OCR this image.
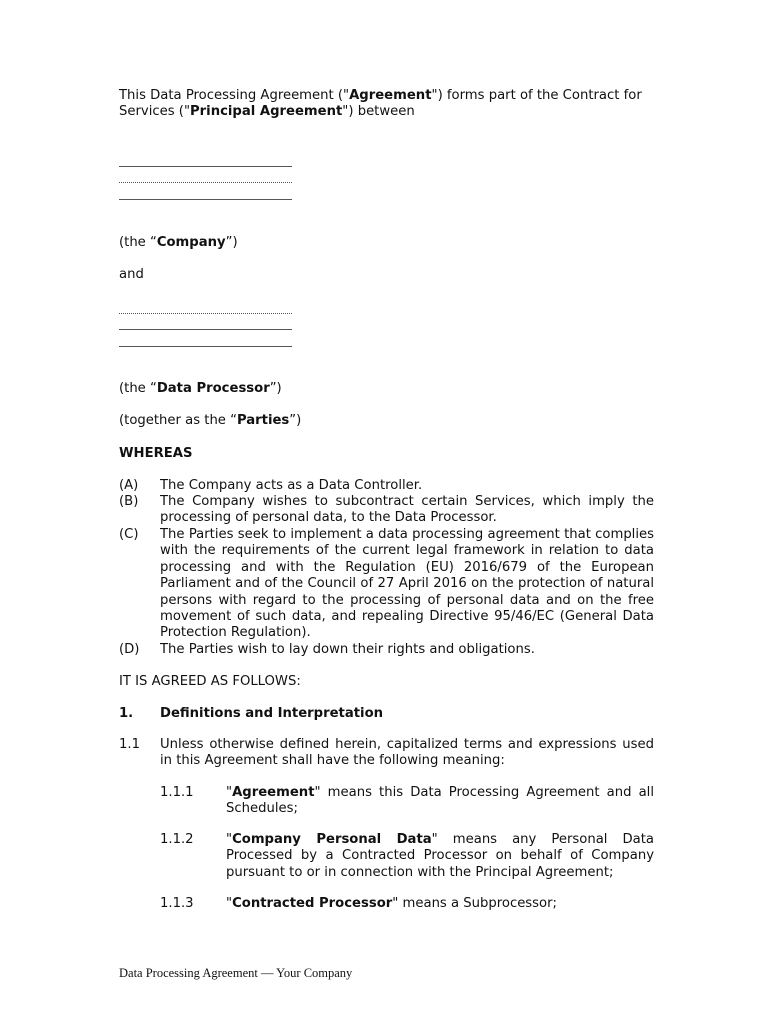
This Data Processing Agreement ("Agreement") forms part of the Contract for Services ("Principal Agreement") between

(the “Company”)

and

(the “Data Processor”)

(together as the “Parties”)

WHEREAS

(A) The Company acts as a Data Controller.
(B) The Company wishes to subcontract certain Services, which imply the processing of personal data, to the Data Processor.
(C) The Parties seek to implement a data processing agreement that complies with the requirements of the current legal framework in relation to data processing and with the Regulation (EU) 2016/679 of the European Parliament and of the Council of 27 April 2016 on the protection of natural persons with regard to the processing of personal data and on the free movement of such data, and repealing Directive 95/46/EC (General Data Protection Regulation).
(D) The Parties wish to lay down their rights and obligations.

IT IS AGREED AS FOLLOWS:

1. Definitions and Interpretation
1.1 Unless otherwise defined herein, capitalized terms and expressions used in this Agreement shall have the following meaning:
1.1.1 "Agreement" means this Data Processing Agreement and all Schedules;
1.1.2 "Company Personal Data" means any Personal Data Processed by a Contracted Processor on behalf of Company pursuant to or in connection with the Principal Agreement;
1.1.3 "Contracted Processor" means a Subprocessor;
Data Processing Agreement — Your Company
